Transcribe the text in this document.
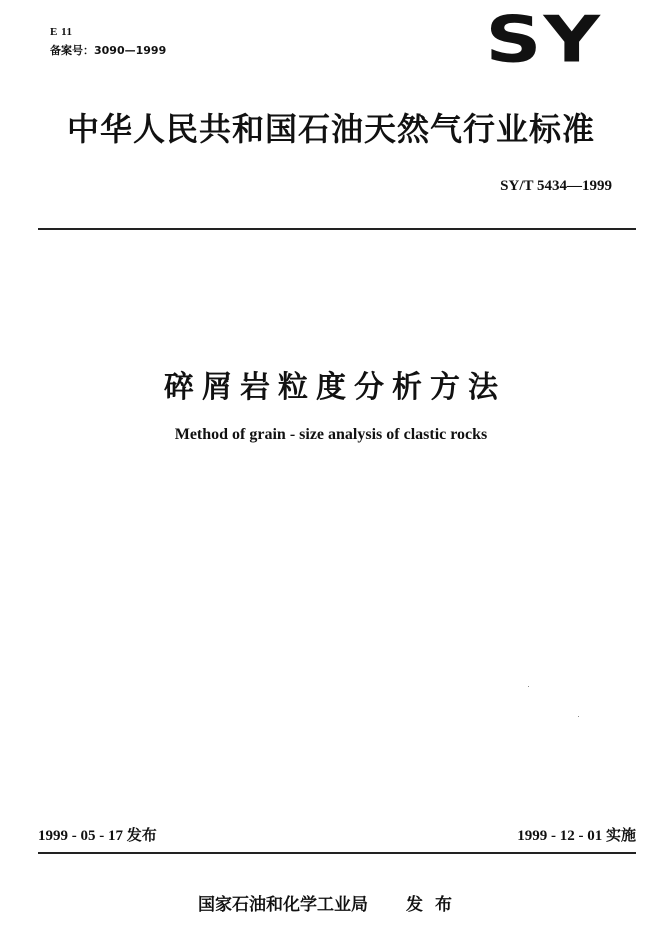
E 11
备案号：3090—1999	SY
中华人民共和国石油天然气行业标准
SY/T 5434—1999
碎屑岩粒度分析方法
Method of grain - size analysis of clastic rocks
1999 - 05 - 17 发布	1999 - 12 - 01 实施
国家石油和化学工业局 发布
